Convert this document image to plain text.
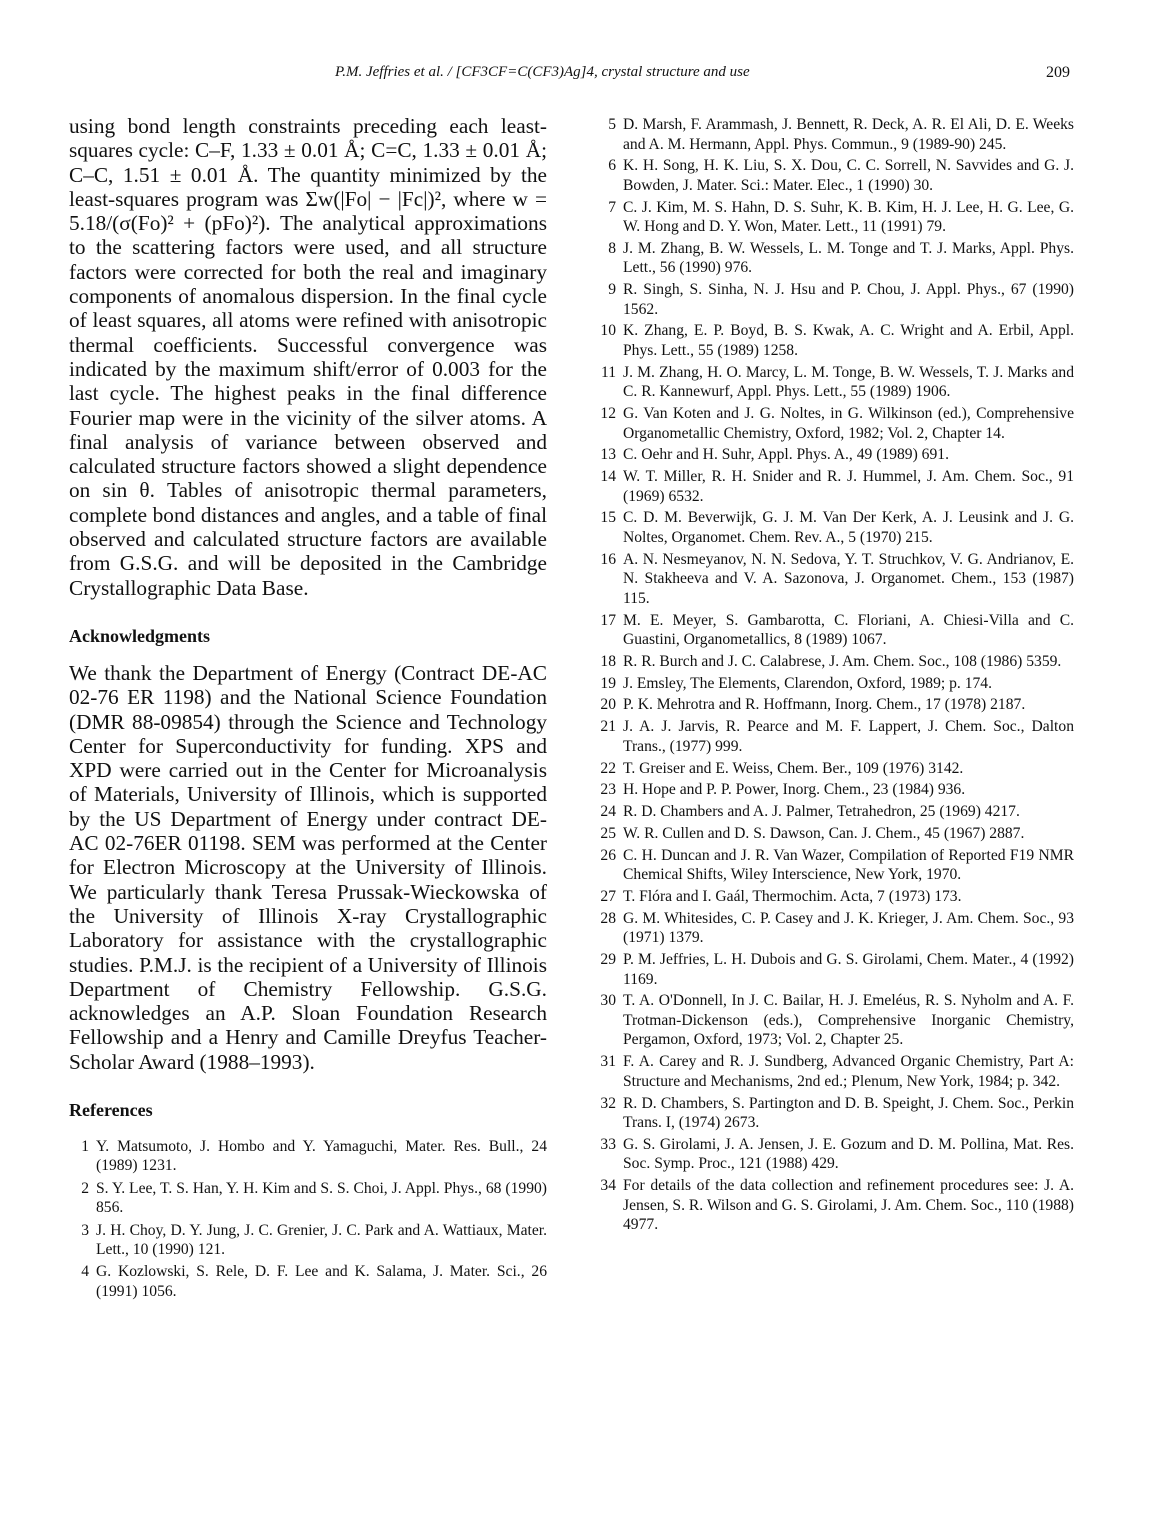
P.M. Jeffries et al. / [CF3CF=C(CF3)Ag]4, crystal structure and use	209

using bond length constraints preceding each least-squares cycle: C–F, 1.33 ± 0.01 Å; C=C, 1.33 ± 0.01 Å; C–C, 1.51 ± 0.01 Å. The quantity minimized by the least-squares program was Σw(|Fo| − |Fc|)², where w = 5.18/(σ(Fo)² + (pFo)²). The analytical approximations to the scattering factors were used, and all structure factors were corrected for both the real and imaginary components of anomalous dispersion. In the final cycle of least squares, all atoms were refined with anisotropic thermal coefficients. Successful convergence was indicated by the maximum shift/error of 0.003 for the last cycle. The highest peaks in the final difference Fourier map were in the vicinity of the silver atoms. A final analysis of variance between observed and calculated structure factors showed a slight dependence on sin θ. Tables of anisotropic thermal parameters, complete bond distances and angles, and a table of final observed and calculated structure factors are available from G.S.G. and will be deposited in the Cambridge Crystallographic Data Base.

Acknowledgments

We thank the Department of Energy (Contract DE-AC 02-76 ER 1198) and the National Science Foundation (DMR 88-09854) through the Science and Technology Center for Superconductivity for funding. XPS and XPD were carried out in the Center for Microanalysis of Materials, University of Illinois, which is supported by the US Department of Energy under contract DE-AC 02-76ER 01198. SEM was performed at the Center for Electron Microscopy at the University of Illinois. We particularly thank Teresa Prussak-Wieckowska of the University of Illinois X-ray Crystallographic Laboratory for assistance with the crystallographic studies. P.M.J. is the recipient of a University of Illinois Department of Chemistry Fellowship. G.S.G. acknowledges an A.P. Sloan Foundation Research Fellowship and a Henry and Camille Dreyfus Teacher-Scholar Award (1988–1993).

References
1 Y. Matsumoto, J. Hombo and Y. Yamaguchi, Mater. Res. Bull., 24 (1989) 1231.
2 S. Y. Lee, T. S. Han, Y. H. Kim and S. S. Choi, J. Appl. Phys., 68 (1990) 856.
3 J. H. Choy, D. Y. Jung, J. C. Grenier, J. C. Park and A. Wattiaux, Mater. Lett., 10 (1990) 121.
4 G. Kozlowski, S. Rele, D. F. Lee and K. Salama, J. Mater. Sci., 26 (1991) 1056.
5 D. Marsh, F. Arammash, J. Bennett, R. Deck, A. R. El Ali, D. E. Weeks and A. M. Hermann, Appl. Phys. Commun., 9 (1989-90) 245.
6 K. H. Song, H. K. Liu, S. X. Dou, C. C. Sorrell, N. Savvides and G. J. Bowden, J. Mater. Sci.: Mater. Elec., 1 (1990) 30.
7 C. J. Kim, M. S. Hahn, D. S. Suhr, K. B. Kim, H. J. Lee, H. G. Lee, G. W. Hong and D. Y. Won, Mater. Lett., 11 (1991) 79.
8 J. M. Zhang, B. W. Wessels, L. M. Tonge and T. J. Marks, Appl. Phys. Lett., 56 (1990) 976.
9 R. Singh, S. Sinha, N. J. Hsu and P. Chou, J. Appl. Phys., 67 (1990) 1562.
10 K. Zhang, E. P. Boyd, B. S. Kwak, A. C. Wright and A. Erbil, Appl. Phys. Lett., 55 (1989) 1258.
11 J. M. Zhang, H. O. Marcy, L. M. Tonge, B. W. Wessels, T. J. Marks and C. R. Kannewurf, Appl. Phys. Lett., 55 (1989) 1906.
12 G. Van Koten and J. G. Noltes, in G. Wilkinson (ed.), Comprehensive Organometallic Chemistry, Oxford, 1982; Vol. 2, Chapter 14.
13 C. Oehr and H. Suhr, Appl. Phys. A., 49 (1989) 691.
14 W. T. Miller, R. H. Snider and R. J. Hummel, J. Am. Chem. Soc., 91 (1969) 6532.
15 C. D. M. Beverwijk, G. J. M. Van Der Kerk, A. J. Leusink and J. G. Noltes, Organomet. Chem. Rev. A., 5 (1970) 215.
16 A. N. Nesmeyanov, N. N. Sedova, Y. T. Struchkov, V. G. Andrianov, E. N. Stakheeva and V. A. Sazonova, J. Organomet. Chem., 153 (1987) 115.
17 M. E. Meyer, S. Gambarotta, C. Floriani, A. Chiesi-Villa and C. Guastini, Organometallics, 8 (1989) 1067.
18 R. R. Burch and J. C. Calabrese, J. Am. Chem. Soc., 108 (1986) 5359.
19 J. Emsley, The Elements, Clarendon, Oxford, 1989; p. 174.
20 P. K. Mehrotra and R. Hoffmann, Inorg. Chem., 17 (1978) 2187.
21 J. A. J. Jarvis, R. Pearce and M. F. Lappert, J. Chem. Soc., Dalton Trans., (1977) 999.
22 T. Greiser and E. Weiss, Chem. Ber., 109 (1976) 3142.
23 H. Hope and P. P. Power, Inorg. Chem., 23 (1984) 936.
24 R. D. Chambers and A. J. Palmer, Tetrahedron, 25 (1969) 4217.
25 W. R. Cullen and D. S. Dawson, Can. J. Chem., 45 (1967) 2887.
26 C. H. Duncan and J. R. Van Wazer, Compilation of Reported F19 NMR Chemical Shifts, Wiley Interscience, New York, 1970.
27 T. Flóra and I. Gaál, Thermochim. Acta, 7 (1973) 173.
28 G. M. Whitesides, C. P. Casey and J. K. Krieger, J. Am. Chem. Soc., 93 (1971) 1379.
29 P. M. Jeffries, L. H. Dubois and G. S. Girolami, Chem. Mater., 4 (1992) 1169.
30 T. A. O'Donnell, In J. C. Bailar, H. J. Emeléus, R. S. Nyholm and A. F. Trotman-Dickenson (eds.), Comprehensive Inorganic Chemistry, Pergamon, Oxford, 1973; Vol. 2, Chapter 25.
31 F. A. Carey and R. J. Sundberg, Advanced Organic Chemistry, Part A: Structure and Mechanisms, 2nd ed.; Plenum, New York, 1984; p. 342.
32 R. D. Chambers, S. Partington and D. B. Speight, J. Chem. Soc., Perkin Trans. I, (1974) 2673.
33 G. S. Girolami, J. A. Jensen, J. E. Gozum and D. M. Pollina, Mat. Res. Soc. Symp. Proc., 121 (1988) 429.
34 For details of the data collection and refinement procedures see: J. A. Jensen, S. R. Wilson and G. S. Girolami, J. Am. Chem. Soc., 110 (1988) 4977.
